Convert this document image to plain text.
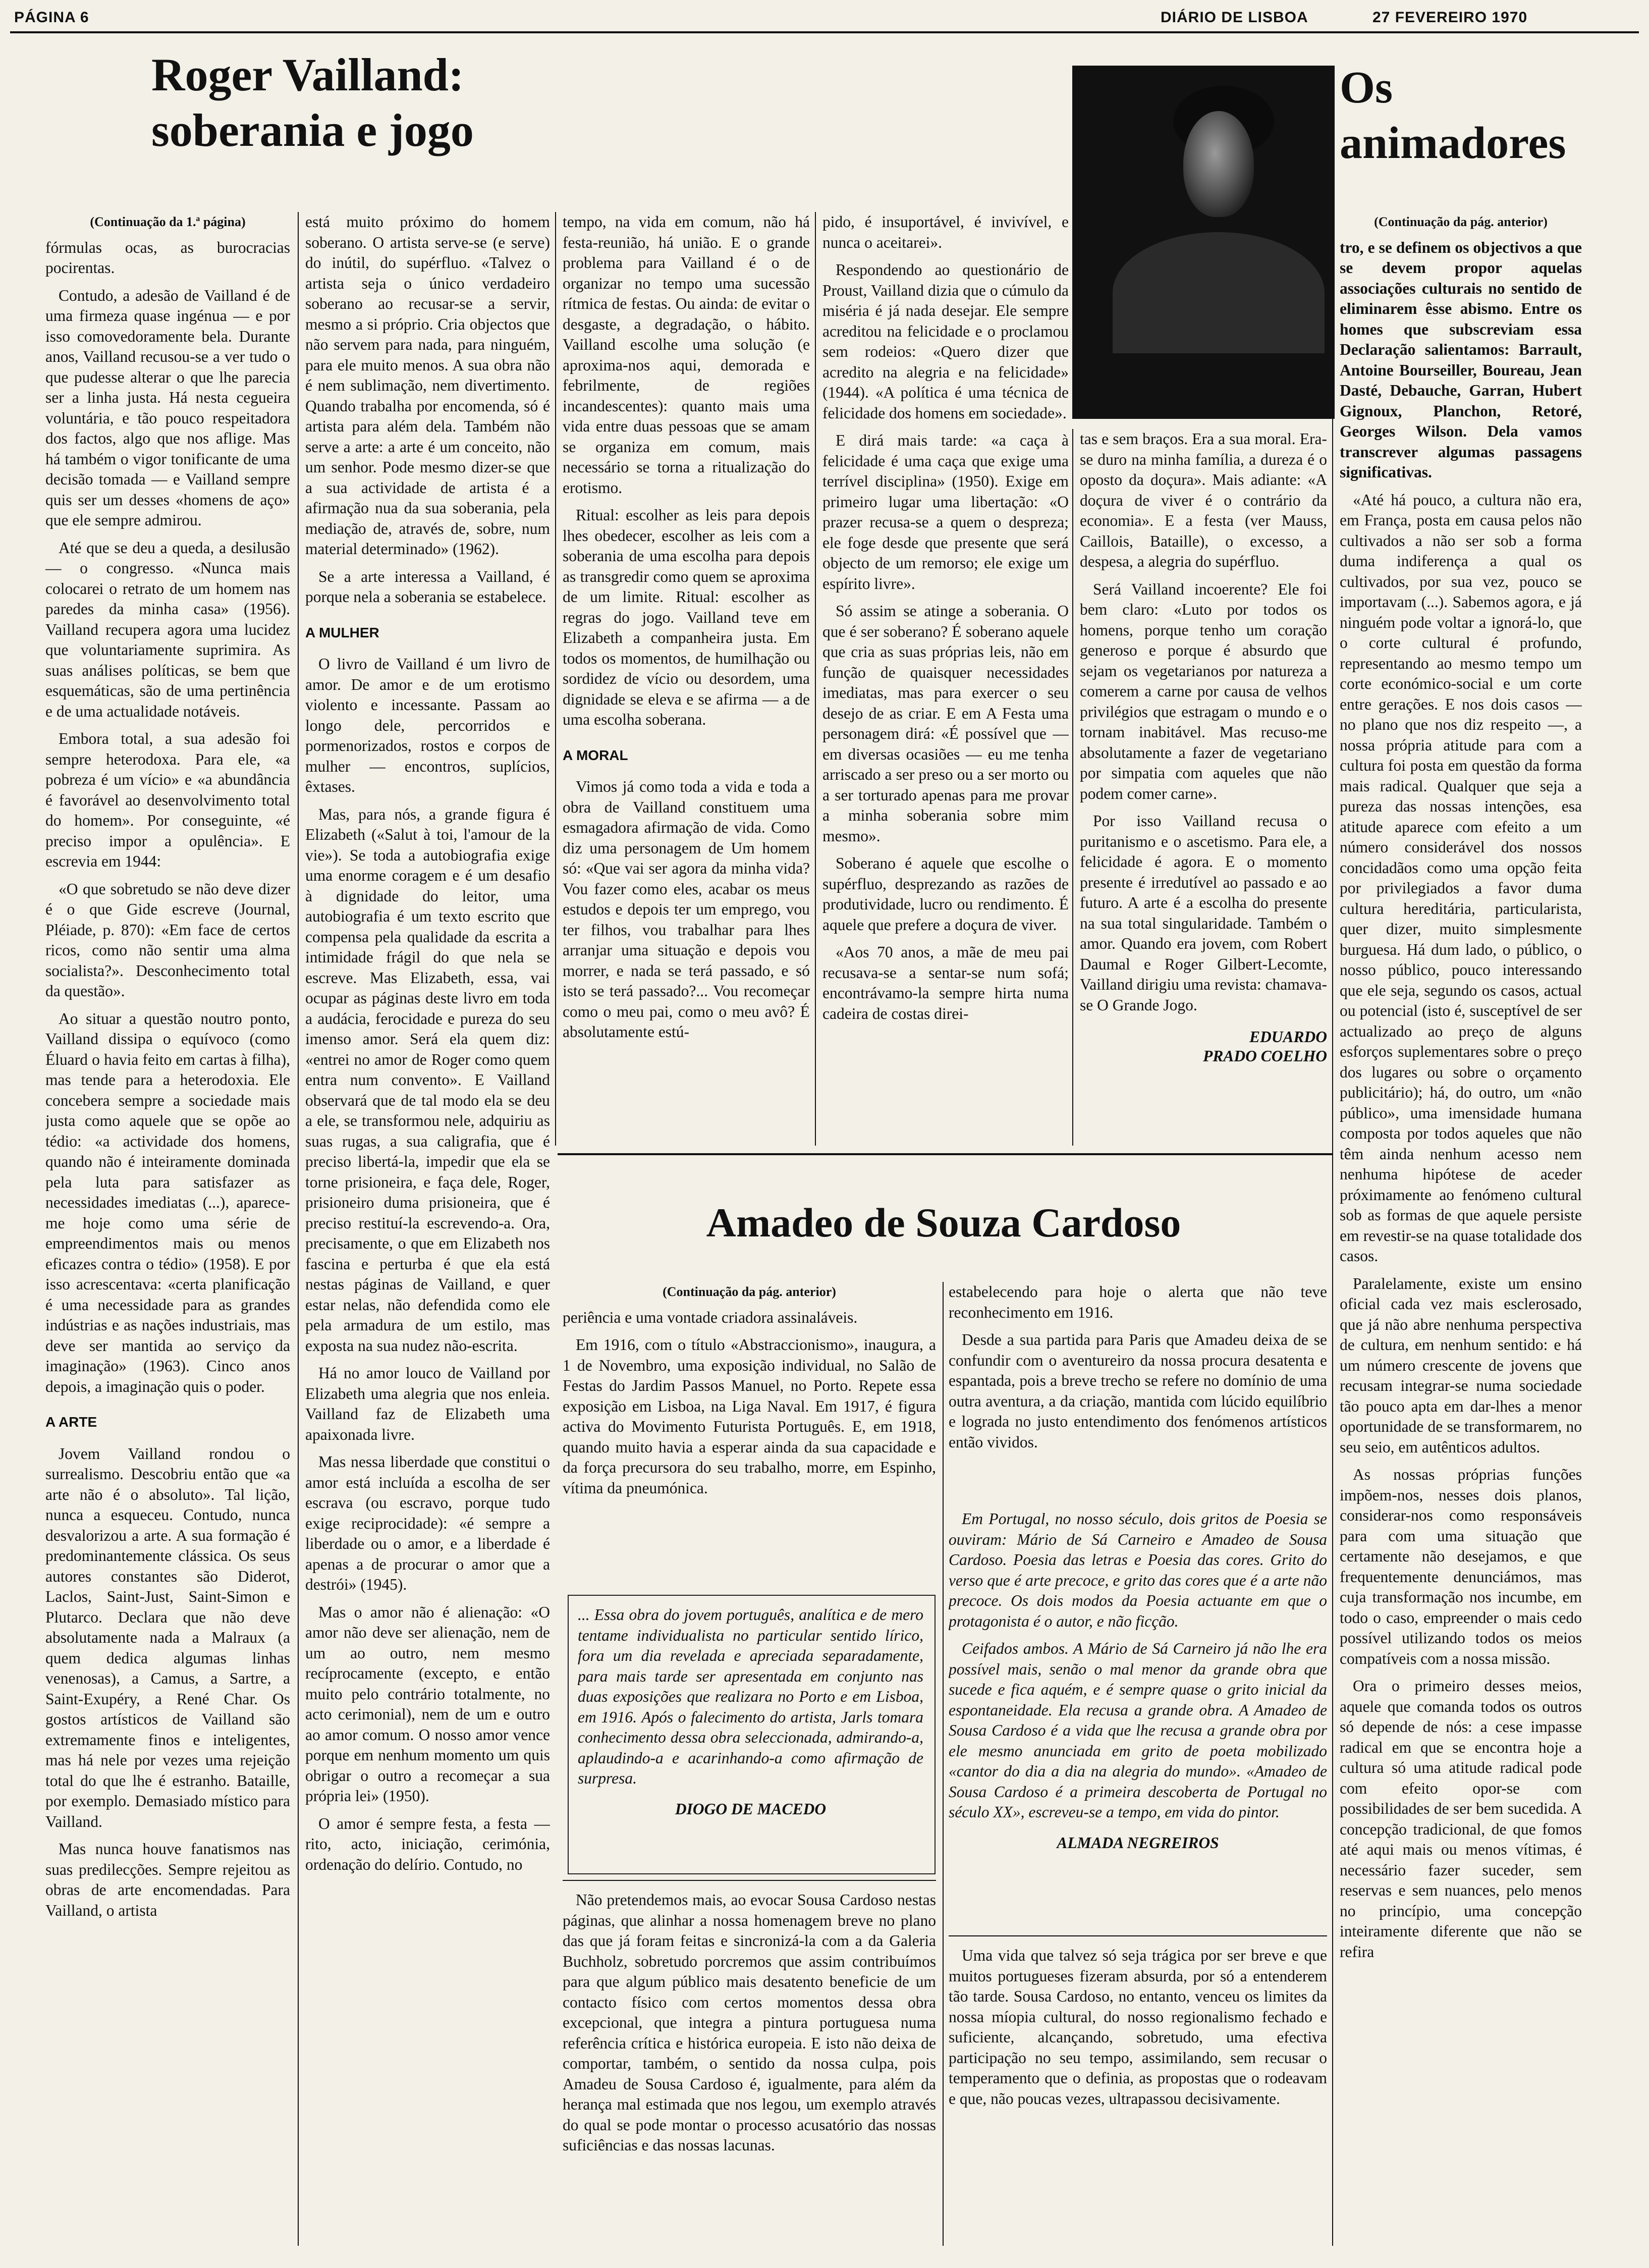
PÁGINA 6	DIÁRIO DE LISBOA	27 FEVEREIRO 1970
Roger Vailland:
soberania e jogo
Os
animadores

(Continuação da 1.ª página)

fórmulas ocas, as burocracias pocirentas.

Contudo, a adesão de Vailland é de uma firmeza quase ingénua — e por isso comovedoramente bela. Durante anos, Vailland recusou-se a ver tudo o que pudesse alterar o que lhe parecia ser a linha justa. Há nesta cegueira voluntária, e tão pouco respeitadora dos factos, algo que nos aflige. Mas há também o vigor tonificante de uma decisão tomada — e Vailland sempre quis ser um desses «homens de aço» que ele sempre admirou.

Até que se deu a queda, a desilusão — o congresso. «Nunca mais colocarei o retrato de um homem nas paredes da minha casa» (1956). Vailland recupera agora uma lucidez que voluntariamente suprimira. As suas análises políticas, se bem que esquemáticas, são de uma pertinência e de uma actualidade notáveis.

Embora total, a sua adesão foi sempre heterodoxa. Para ele, «a pobreza é um vício» e «a abundância é favorável ao desenvolvimento total do homem». Por conseguinte, «é preciso impor a opulência». E escrevia em 1944:

«O que sobretudo se não deve dizer é o que Gide escreve (Journal, Pléiade, p. 870): «Em face de certos ricos, como não sentir uma alma socialista?». Desconhecimento total da questão».

Ao situar a questão noutro ponto, Vailland dissipa o equívoco (como Éluard o havia feito em cartas à filha), mas tende para a heterodoxia. Ele concebera sempre a sociedade mais justa como aquele que se opõe ao tédio: «a actividade dos homens, quando não é inteiramente dominada pela luta para satisfazer as necessidades imediatas (...), aparece-me hoje como uma série de empreendimentos mais ou menos eficazes contra o tédio» (1958). E por isso acrescentava: «certa planificação é uma necessidade para as grandes indústrias e as nações industriais, mas deve ser mantida ao serviço da imaginação» (1963). Cinco anos depois, a imaginação quis o poder.

A ARTE

Jovem Vailland rondou o surrealismo. Descobriu então que «a arte não é o absoluto». Tal lição, nunca a esqueceu. Contudo, nunca desvalorizou a arte. A sua formação é predominantemente clássica. Os seus autores constantes são Diderot, Laclos, Saint-Just, Saint-Simon e Plutarco. Declara que não deve absolutamente nada a Malraux (a quem dedica algumas linhas venenosas), a Camus, a Sartre, a Saint-Exupéry, a René Char. Os gostos artísticos de Vailland são extremamente finos e inteligentes, mas há nele por vezes uma rejeição total do que lhe é estranho. Bataille, por exemplo. Demasiado místico para Vailland.

Mas nunca houve fanatismos nas suas predilecções. Sempre rejeitou as obras de arte encomendadas. Para Vailland, o artista

está muito próximo do homem soberano. O artista serve-se (e serve) do inútil, do supérfluo. «Talvez o artista seja o único verdadeiro soberano ao recusar-se a servir, mesmo a si próprio. Cria objectos que não servem para nada, para ninguém, para ele muito menos. A sua obra não é nem sublimação, nem divertimento. Quando trabalha por encomenda, só é artista para além dela. Também não serve a arte: a arte é um conceito, não um senhor. Pode mesmo dizer-se que a sua actividade de artista é a afirmação nua da sua soberania, pela mediação de, através de, sobre, num material determinado» (1962).

Se a arte interessa a Vailland, é porque nela a soberania se estabelece.

A MULHER

O livro de Vailland é um livro de amor. De amor e de um erotismo violento e incessante. Passam ao longo dele, percorridos e pormenorizados, rostos e corpos de mulher — encontros, suplícios, êxtases.

Mas, para nós, a grande figura é Elizabeth («Salut à toi, l'amour de la vie»). Se toda a autobiografia exige uma enorme coragem e é um desafio à dignidade do leitor, uma autobiografia é um texto escrito que compensa pela qualidade da escrita a intimidade frágil do que nela se escreve. Mas Elizabeth, essa, vai ocupar as páginas deste livro em toda a audácia, ferocidade e pureza do seu imenso amor. Será ela quem diz: «entrei no amor de Roger como quem entra num convento». E Vailland observará que de tal modo ela se deu a ele, se transformou nele, adquiriu as suas rugas, a sua caligrafia, que é preciso libertá-la, impedir que ela se torne prisioneira, e faça dele, Roger, prisioneiro duma prisioneira, que é preciso restituí-la escrevendo-a. Ora, precisamente, o que em Elizabeth nos fascina e perturba é que ela está nestas páginas de Vailland, e quer estar nelas, não defendida como ele pela armadura de um estilo, mas exposta na sua nudez não-escrita.

Há no amor louco de Vailland por Elizabeth uma alegria que nos enleia. Vailland faz de Elizabeth uma apaixonada livre.

Mas nessa liberdade que constitui o amor está incluída a escolha de ser escrava (ou escravo, porque tudo exige reciprocidade): «é sempre a liberdade ou o amor, e a liberdade é apenas a de procurar o amor que a destrói» (1945).

Mas o amor não é alienação: «O amor não deve ser alienação, nem de um ao outro, nem mesmo recíprocamente (excepto, e então muito pelo contrário totalmente, no acto cerimonial), nem de um e outro ao amor comum. O nosso amor vence porque em nenhum momento um quis obrigar o outro a recomeçar a sua própria lei» (1950).

O amor é sempre festa, a festa — rito, acto, iniciação, cerimónia, ordenação do delírio. Contudo, no

tempo, na vida em comum, não há festa-reunião, há união. E o grande problema para Vailland é o de organizar no tempo uma sucessão rítmica de festas. Ou ainda: de evitar o desgaste, a degradação, o hábito. Vailland escolhe uma solução (e aproxima-nos aqui, demorada e febrilmente, de regiões incandescentes): quanto mais uma vida entre duas pessoas que se amam se organiza em comum, mais necessário se torna a ritualização do erotismo.

Ritual: escolher as leis para depois lhes obedecer, escolher as leis com a soberania de uma escolha para depois as transgredir como quem se aproxima de um limite. Ritual: escolher as regras do jogo. Vailland teve em Elizabeth a companheira justa. Em todos os momentos, de humilhação ou sordidez de vício ou desordem, uma dignidade se eleva e se afirma — a de uma escolha soberana.

A MORAL

Vimos já como toda a vida e toda a obra de Vailland constituem uma esmagadora afirmação de vida. Como diz uma personagem de Um homem só: «Que vai ser agora da minha vida? Vou fazer como eles, acabar os meus estudos e depois ter um emprego, vou ter filhos, vou trabalhar para lhes arranjar uma situação e depois vou morrer, e nada se terá passado, e só isto se terá passado?... Vou recomeçar como o meu pai, como o meu avô? É absolutamente estú-

pido, é insuportável, é invivível, e nunca o aceitarei».

Respondendo ao questionário de Proust, Vailland dizia que o cúmulo da miséria é já nada desejar. Ele sempre acreditou na felicidade e o proclamou sem rodeios: «Quero dizer que acredito na alegria e na felicidade» (1944). «A política é uma técnica de felicidade dos homens em sociedade».

E dirá mais tarde: «a caça à felicidade é uma caça que exige uma terrível disciplina» (1950). Exige em primeiro lugar uma libertação: «O prazer recusa-se a quem o despreza; ele foge desde que presente que será objecto de um remorso; ele exige um espírito livre».

Só assim se atinge a soberania. O que é ser soberano? É soberano aquele que cria as suas próprias leis, não em função de quaisquer necessidades imediatas, mas para exercer o seu desejo de as criar. E em A Festa uma personagem dirá: «É possível que — em diversas ocasiões — eu me tenha arriscado a ser preso ou a ser morto ou a ser torturado apenas para me provar a minha soberania sobre mim mesmo».

Soberano é aquele que escolhe o supérfluo, desprezando as razões de produtividade, lucro ou rendimento. É aquele que prefere a doçura de viver.

«Aos 70 anos, a mãe de meu pai recusava-se a sentar-se num sofá; encontrávamo-la sempre hirta numa cadeira de costas direi-

tas e sem braços. Era a sua moral. Era-se duro na minha família, a dureza é o oposto da doçura». Mais adiante: «A doçura de viver é o contrário da economia». E a festa (ver Mauss, Caillois, Bataille), o excesso, a despesa, a alegria do supérfluo.

Será Vailland incoerente? Ele foi bem claro: «Luto por todos os homens, porque tenho um coração generoso e porque é absurdo que sejam os vegetarianos por natureza a comerem a carne por causa de velhos privilégios que estragam o mundo e o tornam inabitável. Mas recuso-me absolutamente a fazer de vegetariano por simpatia com aqueles que não podem comer carne».

Por isso Vailland recusa o puritanismo e o ascetismo. Para ele, a felicidade é agora. E o momento presente é irredutível ao passado e ao futuro. A arte é a escolha do presente na sua total singularidade. Também o amor. Quando era jovem, com Robert Daumal e Roger Gilbert-Lecomte, Vailland dirigiu uma revista: chamava-se O Grande Jogo.

EDUARDO
PRADO COELHO

(Continuação da pág. anterior)

tro, e se definem os objectivos a que se devem propor aquelas associações culturais no sentido de eliminarem êsse abismo. Entre os homes que subscreviam essa Declaração salientamos: Barrault, Antoine Bourseiller, Boureau, Jean Dasté, Debauche, Garran, Hubert Gignoux, Planchon, Retoré, Georges Wilson. Dela vamos transcrever algumas passagens significativas.

«Até há pouco, a cultura não era, em França, posta em causa pelos não cultivados a não ser sob a forma duma indiferença a qual os cultivados, por sua vez, pouco se importavam (...). Sabemos agora, e já ninguém pode voltar a ignorá-lo, que o corte cultural é profundo, representando ao mesmo tempo um corte económico-social e um corte entre gerações. E nos dois casos — no plano que nos diz respeito —, a nossa própria atitude para com a cultura foi posta em questão da forma mais radical. Qualquer que seja a pureza das nossas intenções, esa atitude aparece com efeito a um número considerável dos nossos concidadãos como uma opção feita por privilegiados a favor duma cultura hereditária, particularista, quer dizer, muito simplesmente burguesa. Há dum lado, o público, o nosso público, pouco interessando que ele seja, segundo os casos, actual ou potencial (isto é, susceptível de ser actualizado ao preço de alguns esforços suplementares sobre o preço dos lugares ou sobre o orçamento publicitário); há, do outro, um «não público», uma imensidade humana composta por todos aqueles que não têm ainda nenhum acesso nem nenhuma hipótese de aceder próximamente ao fenómeno cultural sob as formas de que aquele persiste em revestir-se na quase totalidade dos casos.

Paralelamente, existe um ensino oficial cada vez mais esclerosado, que já não abre nenhuma perspectiva de cultura, em nenhum sentido: e há um número crescente de jovens que recusam integrar-se numa sociedade tão pouco apta em dar-lhes a menor oportunidade de se transformarem, no seu seio, em autênticos adultos.

As nossas próprias funções impõem-nos, nesses dois planos, considerar-nos como responsáveis para com uma situação que certamente não desejamos, e que frequentemente denunciámos, mas cuja transformação nos incumbe, em todo o caso, empreender o mais cedo possível utilizando todos os meios compatíveis com a nossa missão.

Ora o primeiro desses meios, aquele que comanda todos os outros só depende de nós: a cese impasse radical em que se encontra hoje a cultura só uma atitude radical pode com efeito opor-se com possibilidades de ser bem sucedida. A concepção tradicional, de que fomos até aqui mais ou menos vítimas, é necessário fazer suceder, sem reservas e sem nuances, pelo menos no princípio, uma concepção inteiramente diferente que não se refira

Amadeo de Souza Cardoso

(Continuação da pág. anterior)

periência e uma vontade criadora assinaláveis.

Em 1916, com o título «Abstraccionismo», inaugura, a 1 de Novembro, uma exposição individual, no Salão de Festas do Jardim Passos Manuel, no Porto. Repete essa exposição em Lisboa, na Liga Naval. Em 1917, é figura activa do Movimento Futurista Português. E, em 1918, quando muito havia a esperar ainda da sua capacidade e da força precursora do seu trabalho, morre, em Espinho, vítima da pneumónica.

estabelecendo para hoje o alerta que não teve reconhecimento em 1916.

Desde a sua partida para Paris que Amadeu deixa de se confundir com o aventureiro da nossa procura desatenta e espantada, pois a breve trecho se refere no domínio de uma outra aventura, a da criação, mantida com lúcido equilíbrio e lograda no justo entendimento dos fenómenos artísticos então vividos.

... Essa obra do jovem português, analítica e de mero tentame individualista no particular sentido lírico, fora um dia revelada e apreciada separadamente, para mais tarde ser apresentada em conjunto nas duas exposições que realizara no Porto e em Lisboa, em 1916. Após o falecimento do artista, Jarls tomara conhecimento dessa obra seleccionada, admirando-a, aplaudindo-a e acarinhando-a como afirmação de surpresa.

DIOGO DE MACEDO

Em Portugal, no nosso século, dois gritos de Poesia se ouviram: Mário de Sá Carneiro e Amadeo de Sousa Cardoso. Poesia das letras e Poesia das cores. Grito do verso que é arte precoce, e grito das cores que é a arte não precoce. Os dois modos da Poesia actuante em que o protagonista é o autor, e não ficção.

Ceifados ambos. A Mário de Sá Carneiro já não lhe era possível mais, senão o mal menor da grande obra que sucede e fica aquém, e é sempre quase o grito inicial da espontaneidade. Ela recusa a grande obra. A Amadeo de Sousa Cardoso é a vida que lhe recusa a grande obra por ele mesmo anunciada em grito de poeta mobilizado «cantor do dia a dia na alegria do mundo». «Amadeo de Sousa Cardoso é a primeira descoberta de Portugal no século XX», escreveu-se a tempo, em vida do pintor.

ALMADA NEGREIROS

Não pretendemos mais, ao evocar Sousa Cardoso nestas páginas, que alinhar a nossa homenagem breve no plano das que já foram feitas e sincronizá-la com a da Galeria Buchholz, sobretudo porcremos que assim contribuímos para que algum público mais desatento beneficie de um contacto físico com certos momentos dessa obra excepcional, que integra a pintura portuguesa numa referência crítica e histórica europeia. E isto não deixa de comportar, também, o sentido da nossa culpa, pois Amadeu de Sousa Cardoso é, igualmente, para além da herança mal estimada que nos legou, um exemplo através do qual se pode montar o processo acusatório das nossas suficiências e das nossas lacunas.

Uma vida que talvez só seja trágica por ser breve e que muitos portugueses fizeram absurda, por só a entenderem tão tarde. Sousa Cardoso, no entanto, venceu os limites da nossa míopia cultural, do nosso regionalismo fechado e suficiente, alcançando, sobretudo, uma efectiva participação no seu tempo, assimilando, sem recusar o temperamento que o definia, as propostas que o rodeavam e que, não poucas vezes, ultrapassou decisivamente.
